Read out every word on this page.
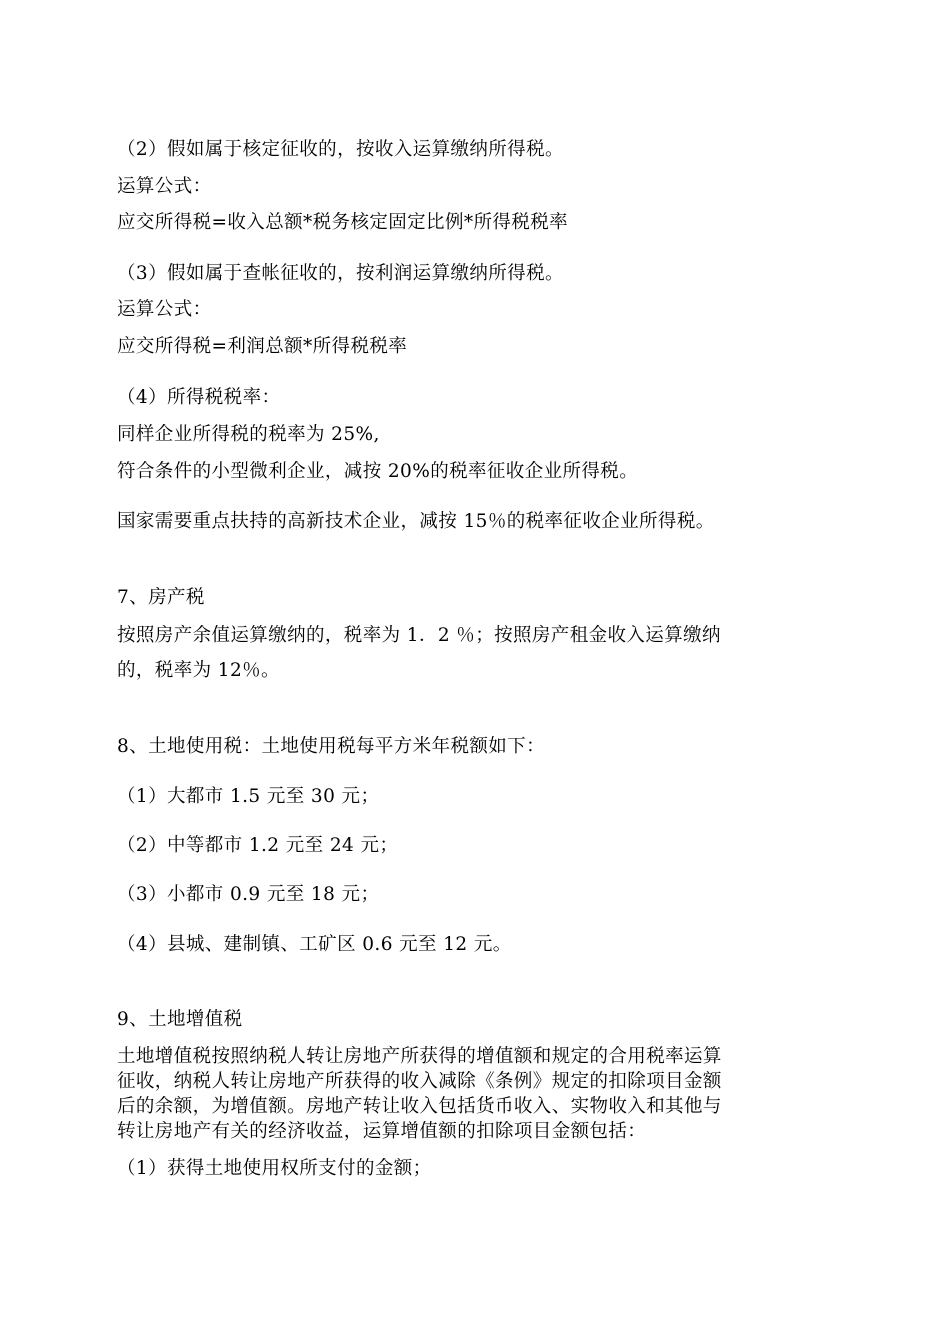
（2）假如属于核定征收的，按收入运算缴纳所得税。
运算公式：
应交所得税=收入总额*税务核定固定比例*所得税税率
（3）假如属于查帐征收的，按利润运算缴纳所得税。
运算公式：
应交所得税=利润总额*所得税税率
（4）所得税税率：
同样企业所得税的税率为 25%,
符合条件的小型微利企业，减按 20%的税率征收企业所得税。
国家需要重点扶持的高新技术企业，减按 15％的税率征收企业所得税。
7、房产税
按照房产余值运算缴纳的，税率为 1．2 ％；按照房产租金收入运算缴纳
的，税率为 12％。
8、土地使用税：土地使用税每平方米年税额如下：
（1）大都市 1.5 元至 30 元；
（2）中等都市 1.2 元至 24 元；
（3）小都市 0.9 元至 18 元；
（4）县城、建制镇、工矿区 0.6 元至 12 元。
9、土地增值税
土地增值税按照纳税人转让房地产所获得的增值额和规定的合用税率运算
征收，纳税人转让房地产所获得的收入减除《条例》规定的扣除项目金额
后的余额，为增值额。房地产转让收入包括货币收入、实物收入和其他与
转让房地产有关的经济收益，运算增值额的扣除项目金额包括：
（1）获得土地使用权所支付的金额；
